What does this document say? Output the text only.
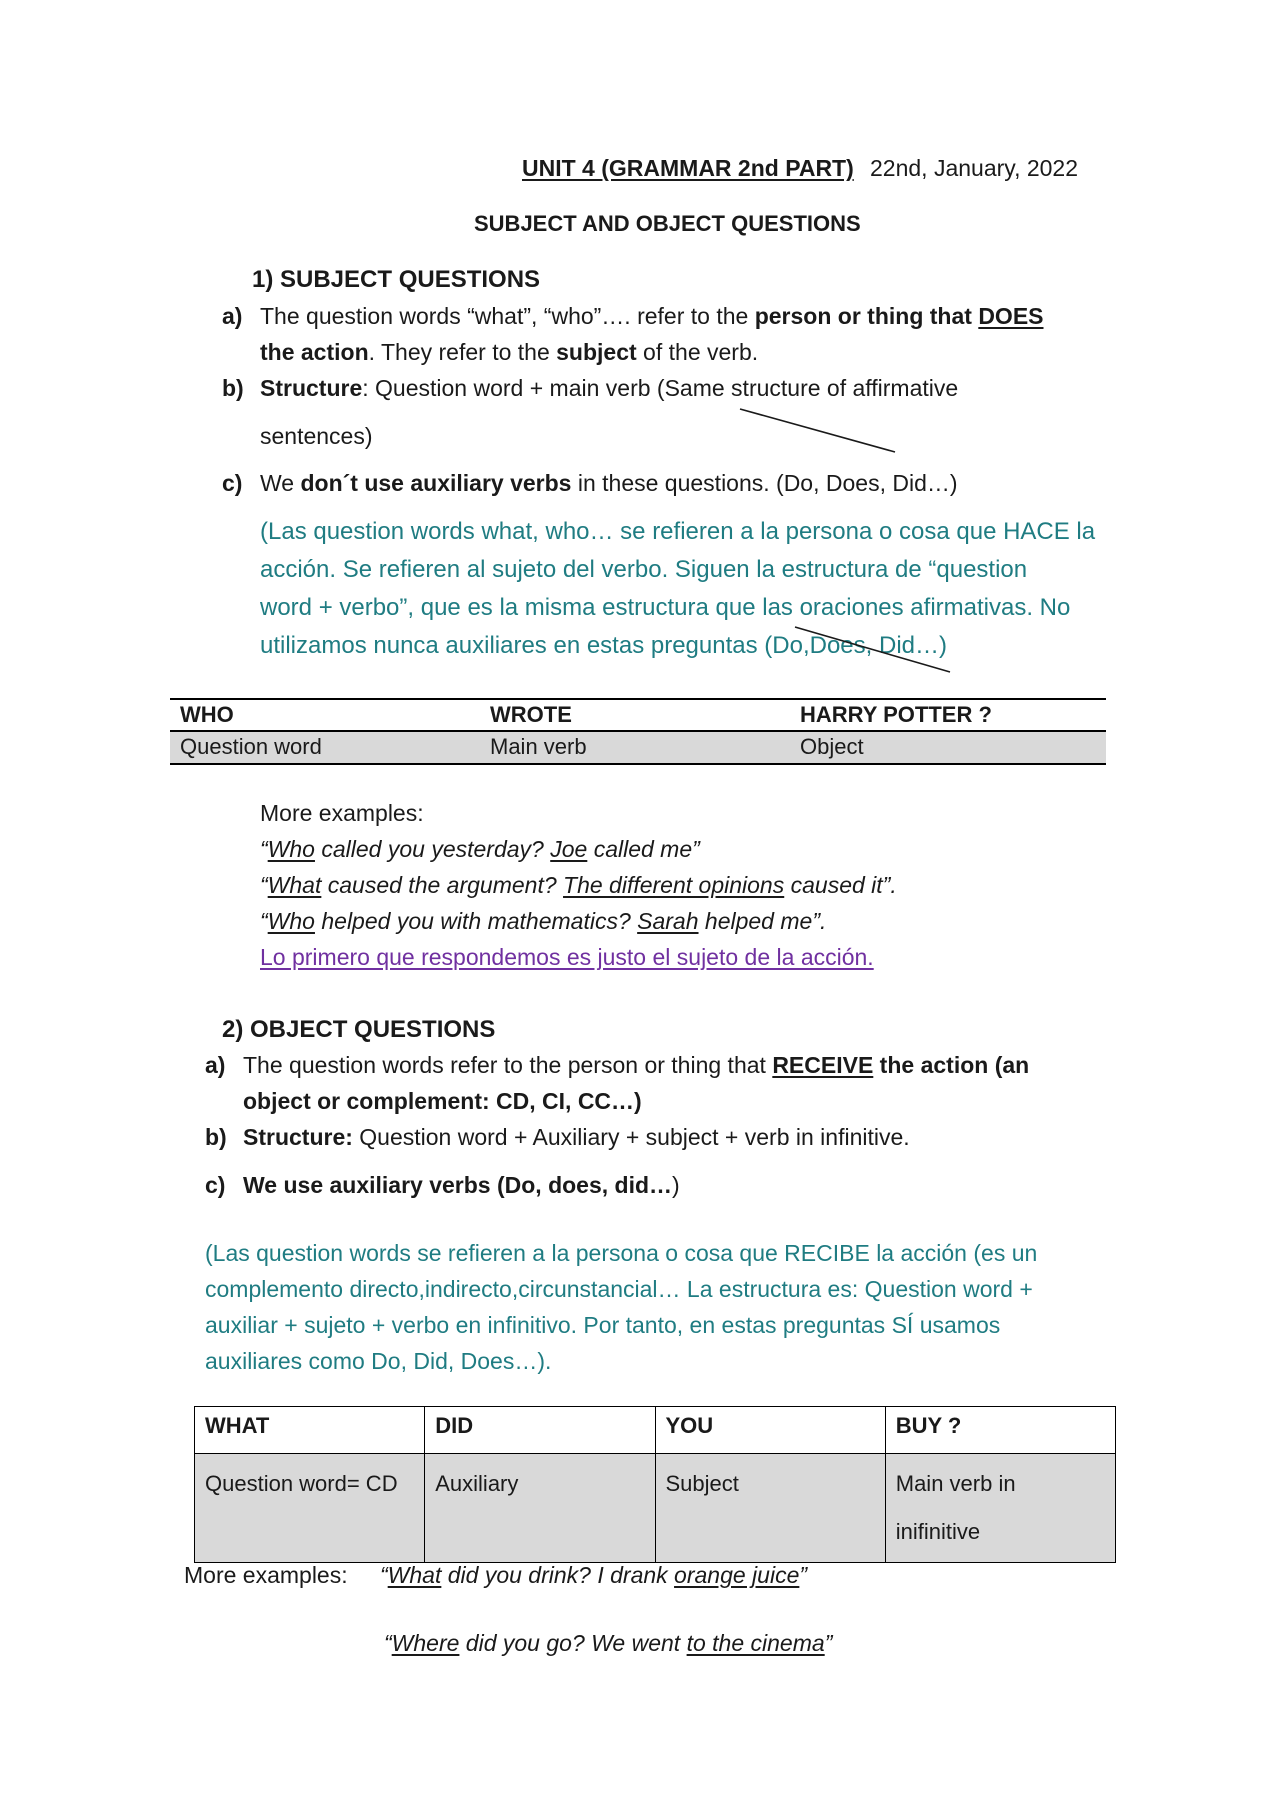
UNIT 4 (GRAMMAR 2nd PART) 22nd, January, 2022
SUBJECT AND OBJECT QUESTIONS
1) SUBJECT QUESTIONS
a) The question words “what”, “who”…. refer to the person or thing that DOES
the action. They refer to the subject of the verb.
b) Structure: Question word + main verb (Same structure of affirmative
sentences)
c) We don´t use auxiliary verbs in these questions. (Do, Does, Did…)
(Las question words what, who… se refieren a la persona o cosa que HACE la
acción. Se refieren al sujeto del verbo. Siguen la estructura de “question
word + verbo”, que es la misma estructura que las oraciones afirmativas. No
utilizamos nunca auxiliares en estas preguntas (Do,Does, Did…)
WHO	WROTE	HARRY POTTER ?
Question word	Main verb	Object
More examples:
“Who called you yesterday? Joe called me”
“What caused the argument? The different opinions caused it”.
“Who helped you with mathematics? Sarah helped me”.
Lo primero que respondemos es justo el sujeto de la acción.
2) OBJECT QUESTIONS
a) The question words refer to the person or thing that RECEIVE the action (an
object or complement: CD, CI, CC…)
b) Structure: Question word + Auxiliary + subject + verb in infinitive.
c) We use auxiliary verbs (Do, does, did…)
(Las question words se refieren a la persona o cosa que RECIBE la acción (es un
complemento directo,indirecto,circunstancial… La estructura es: Question word +
auxiliar + sujeto + verbo en infinitivo. Por tanto, en estas preguntas SÍ usamos
auxiliares como Do, Did, Does…).
WHAT	DID	YOU	BUY ?
Question word= CD	Auxiliary	Subject	Main verb in
inifinitive
More examples: “What did you drink? I drank orange juice”
“Where did you go? We went to the cinema”
